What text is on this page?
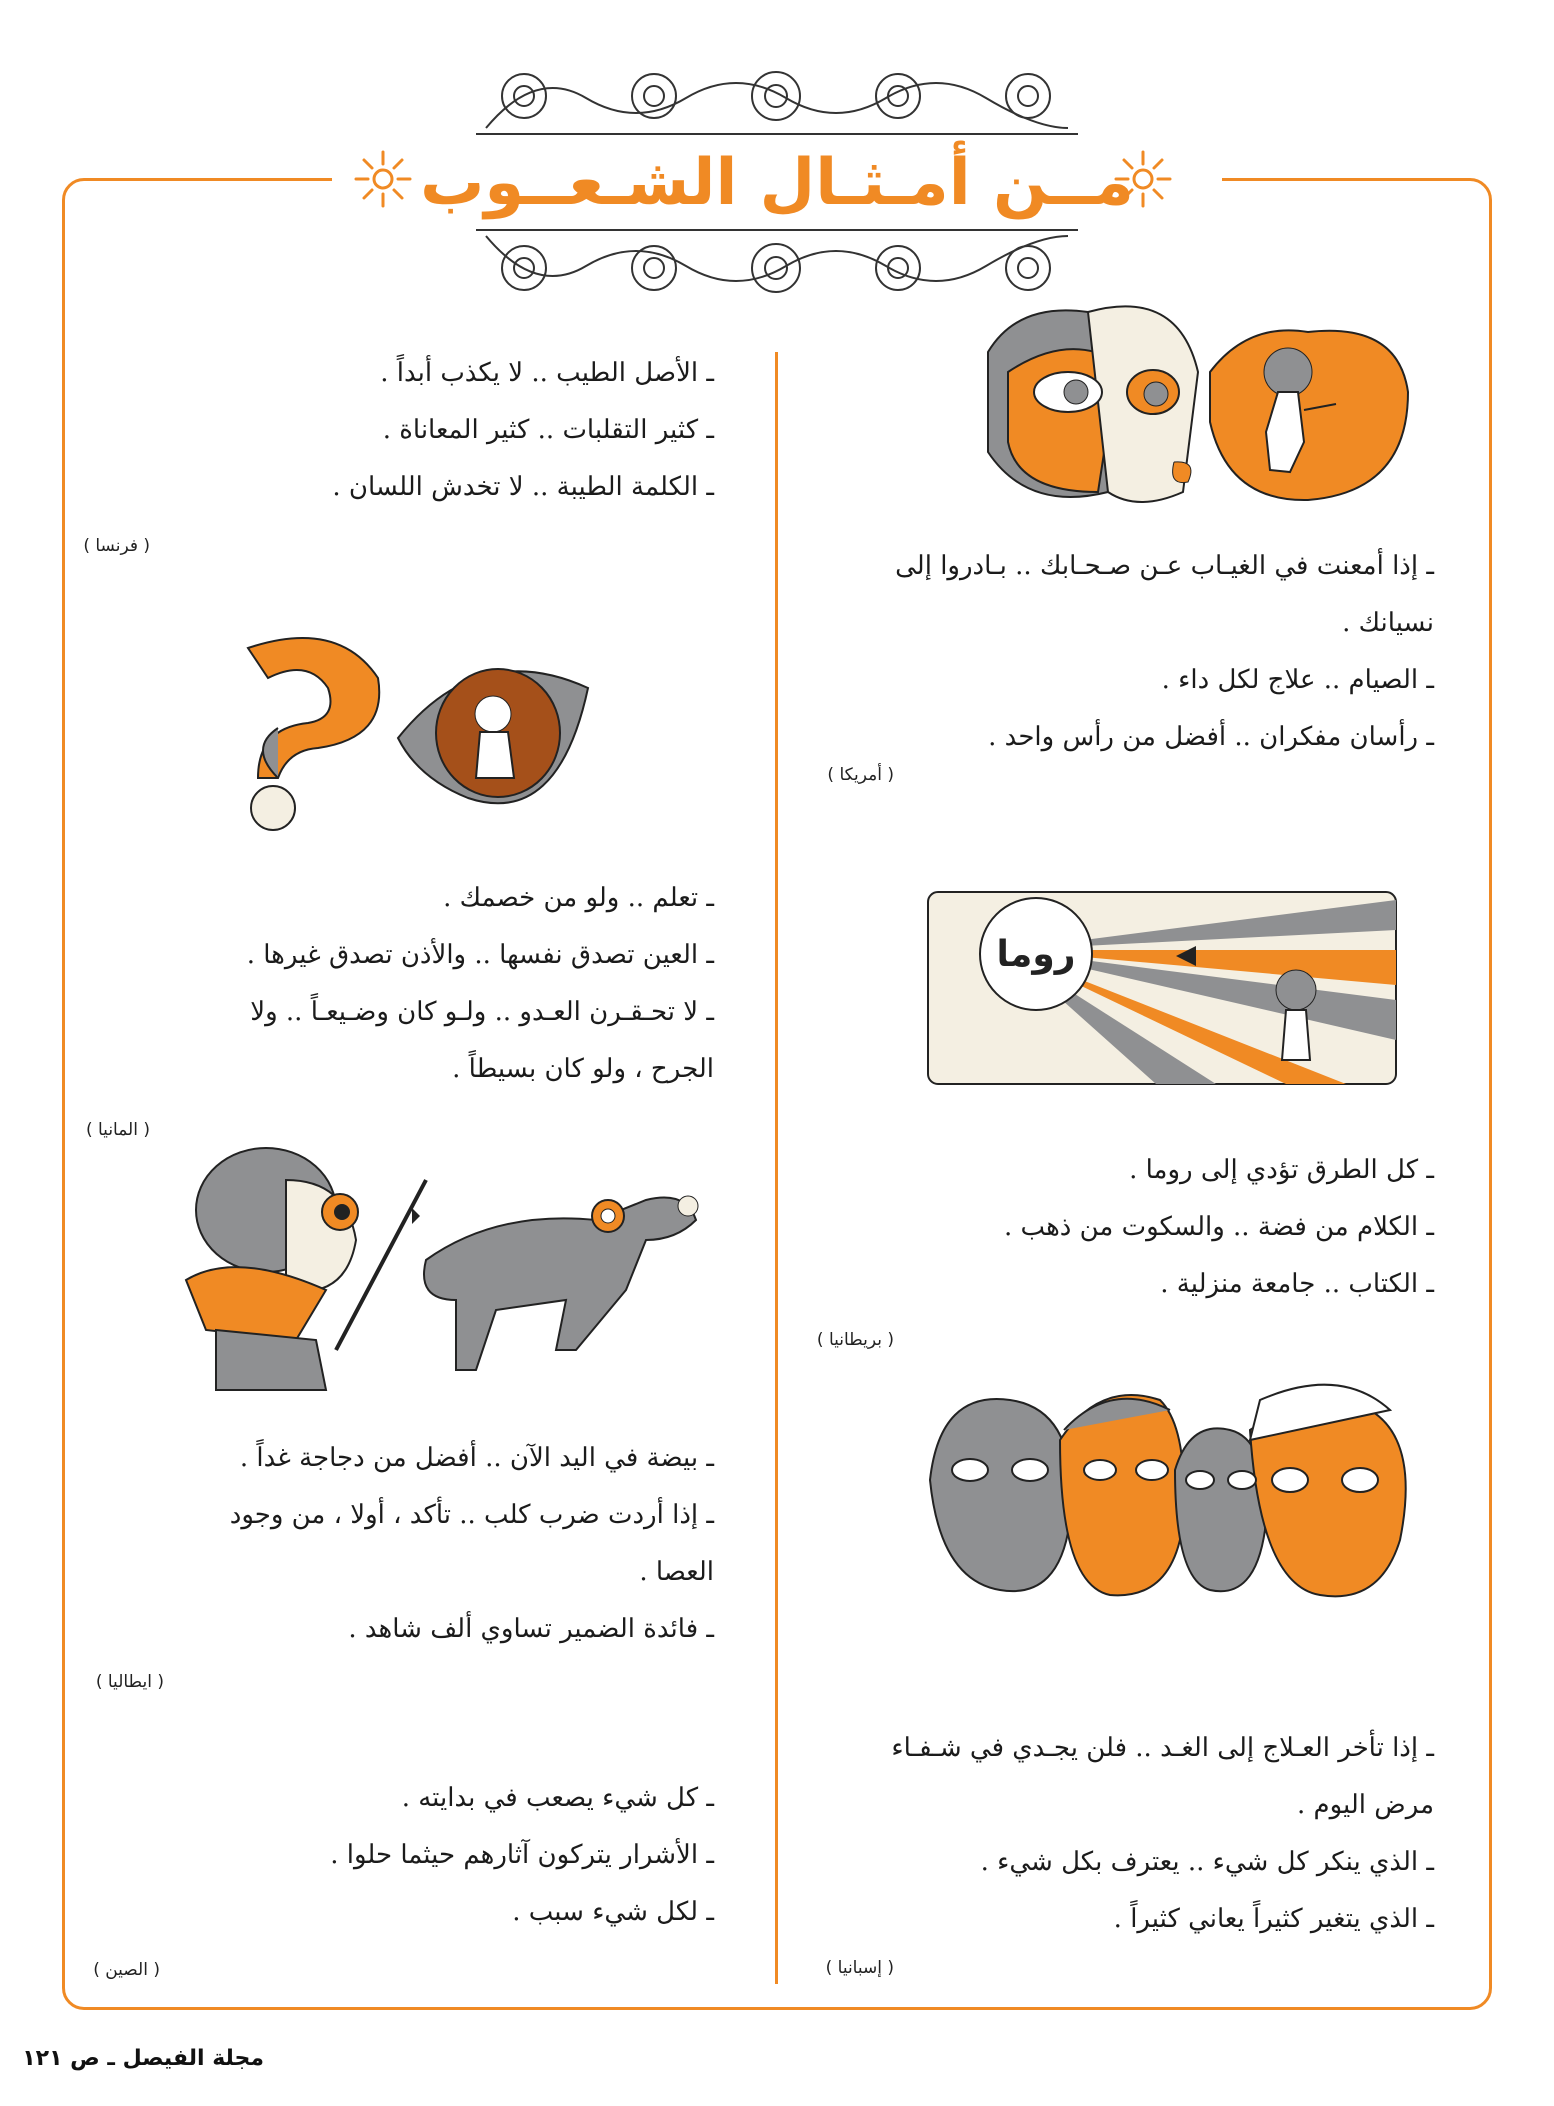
مــن أمـثـال الشـعــوب
ـ إذا أمعنت في الغيـاب عـن صـحـابك .. بـادروا إلى
نسيانك .
ـ الصيام .. علاج لكل داء .
ـ رأسان مفكران .. أفضل من رأس واحد .
( أمريكا )
روما
ـ كل الطرق تؤدي إلى روما .
ـ الكلام من فضة .. والسكوت من ذهب .
ـ الكتاب .. جامعة منزلية .
( بريطانيا )
ـ إذا تأخر العـلاج إلى الغـد .. فلن يجـدي في شـفـاء
مرض اليوم .
ـ الذي ينكر كل شيء .. يعترف بكل شيء .
ـ الذي يتغير كثيراً يعاني كثيراً .
( إسبانيا )
ـ الأصل الطيب .. لا يكذب أبداً .
ـ كثير التقلبات .. كثير المعاناة .
ـ الكلمة الطيبة .. لا تخدش اللسان .
( فرنسا )
ـ تعلم .. ولو من خصمك .
ـ العين تصدق نفسها .. والأذن تصدق غيرها .
ـ لا تحـقـرن العـدو .. ولـو كان وضـيعـاً .. ولا
الجرح ، ولو كان بسيطاً .
( المانيا )
ـ بيضة في اليد الآن .. أفضل من دجاجة غداً .
ـ إذا أردت ضرب كلب .. تأكد ، أولا ، من وجود
العصا .
ـ فائدة الضمير تساوي ألف شاهد .
( ايطاليا )
ـ كل شيء يصعب في بدايته .
ـ الأشرار يتركون آثارهم حيثما حلوا .
ـ لكل شيء سبب .
( الصين )
مجلة الفيصل ـ ص ١٢١
